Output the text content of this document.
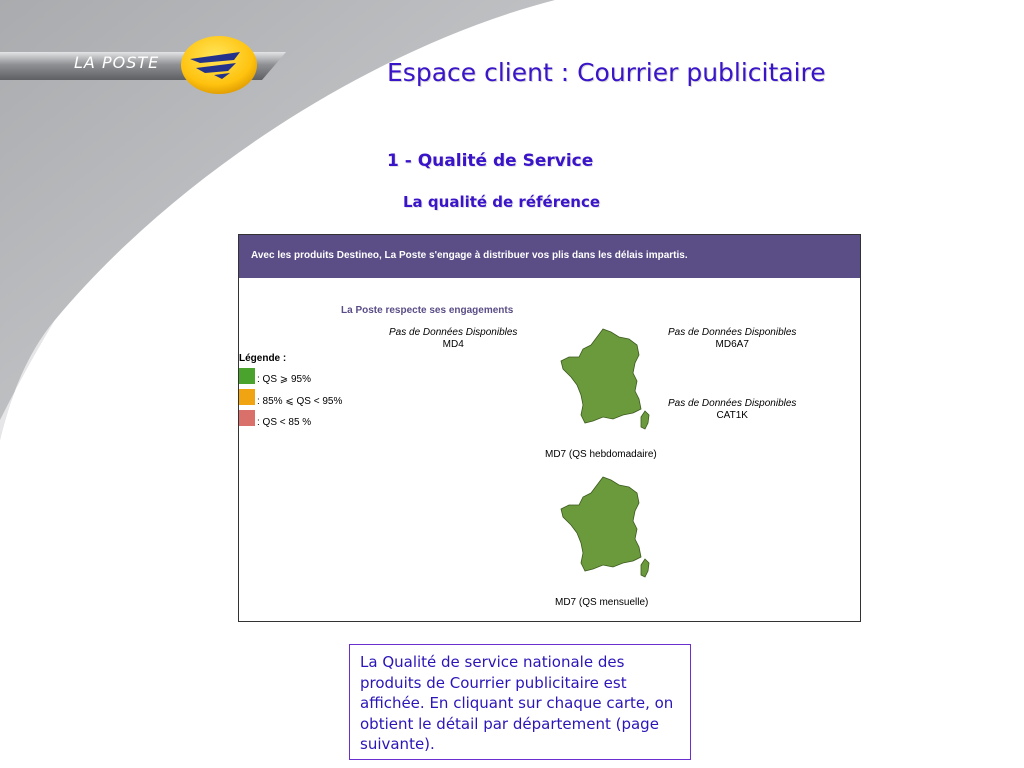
LA POSTE	Espace client : Courrier publicitaire
1 - Qualité de Service
La qualité de référence
Avec les produits Destineo, La Poste s'engage à distribuer vos plis dans les délais impartis.
La Poste respecte ses engagements
Légende :
: QS ⩾ 95%
: 85% ⩽ QS < 95%
: QS < 85 %
Pas de Données Disponibles
MD4
Pas de Données Disponibles
MD6A7
Pas de Données Disponibles
CAT1K
MD7 (QS hebdomadaire)
MD7 (QS mensuelle)
La Qualité de service nationale des produits de Courrier publicitaire est affichée. En cliquant sur chaque carte, on obtient le détail par département (page suivante).
